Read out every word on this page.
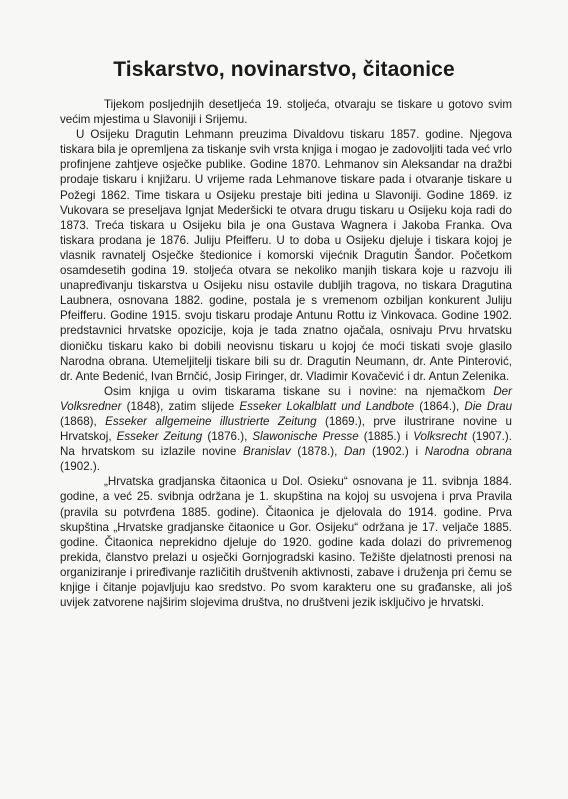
Tiskarstvo, novinarstvo, čitaonice

Tijekom posljednjih desetljeća 19. stoljeća, otvaraju se tiskare u gotovo svim većim mjestima u Slavoniji i Srijemu.

U Osijeku Dragutin Lehmann preuzima Divaldovu tiskaru 1857. godine. Njegova tiskara bila je opremljena za tiskanje svih vrsta knjiga i mogao je zadovoljiti tada već vrlo profinjene zahtjeve osječke publike. Godine 1870. Lehmanov sin Aleksandar na dražbi prodaje tiskaru i knjižaru. U vrijeme rada Lehmanove tiskare pada i otvaranje tiskare u Požegi 1862. Time tiskara u Osijeku prestaje biti jedina u Slavoniji. Godine 1869. iz Vukovara se preseljava Ignjat Mederšicki te otvara drugu tiskaru u Osijeku koja radi do 1873. Treća tiskara u Osijeku bila je ona Gustava Wagnera i Jakoba Franka. Ova tiskara prodana je 1876. Juliju Pfeifferu. U to doba u Osijeku djeluje i tiskara kojoj je vlasnik ravnatelj Osječke štedionice i komorski vijećnik Dragutin Šandor. Početkom osamdesetih godina 19. stoljeća otvara se nekoliko manjih tiskara koje u razvoju ili unapređivanju tiskarstva u Osijeku nisu ostavile dubljih tragova, no tiskara Dragutina Laubnera, osnovana 1882. godine, postala je s vremenom ozbiljan konkurent Juliju Pfeifferu. Godine 1915. svoju tiskaru prodaje Antunu Rottu iz Vinkovaca. Godine 1902. predstavnici hrvatske opozicije, koja je tada znatno ojačala, osnivaju Prvu hrvatsku dioničku tiskaru kako bi dobili neovisnu tiskaru u kojoj će moći tiskati svoje glasilo Narodna obrana. Utemeljitelji tiskare bili su dr. Dragutin Neumann, dr. Ante Pinterović, dr. Ante Bedenić, Ivan Brnčić, Josip Firinger, dr. Vladimir Kovačević i dr. Antun Zelenika.

Osim knjiga u ovim tiskarama tiskane su i novine: na njemačkom Der Volksredner (1848), zatim slijede Esseker Lokalblatt und Landbote (1864.), Die Drau (1868), Esseker allgemeine illustrierte Zeitung (1869.), prve ilustrirane novine u Hrvatskoj, Esseker Zeitung (1876.), Slawonische Presse (1885.) i Volksrecht (1907.). Na hrvatskom su izlazile novine Branislav (1878.), Dan (1902.) i Narodna obrana (1902.).

„Hrvatska gradjanska čitaonica u Dol. Osieku“ osnovana je 11. svibnja 1884. godine, a već 25. svibnja održana je 1. skupština na kojoj su usvojena i prva Pravila (pravila su potvrđena 1885. godine). Čitaonica je djelovala do 1914. godine. Prva skupština „Hrvatske gradjanske čitaonice u Gor. Osijeku“ održana je 17. veljače 1885. godine. Čitaonica neprekidno djeluje do 1920. godine kada dolazi do privremenog prekida, članstvo prelazi u osječki Gornjogradski kasino. Težište djelatnosti prenosi na organiziranje i priređivanje različitih društvenih aktivnosti, zabave i druženja pri čemu se knjige i čitanje pojavljuju kao sredstvo. Po svom karakteru one su građanske, ali još uvijek zatvorene najširim slojevima društva, no društveni jezik isključivo je hrvatski.
